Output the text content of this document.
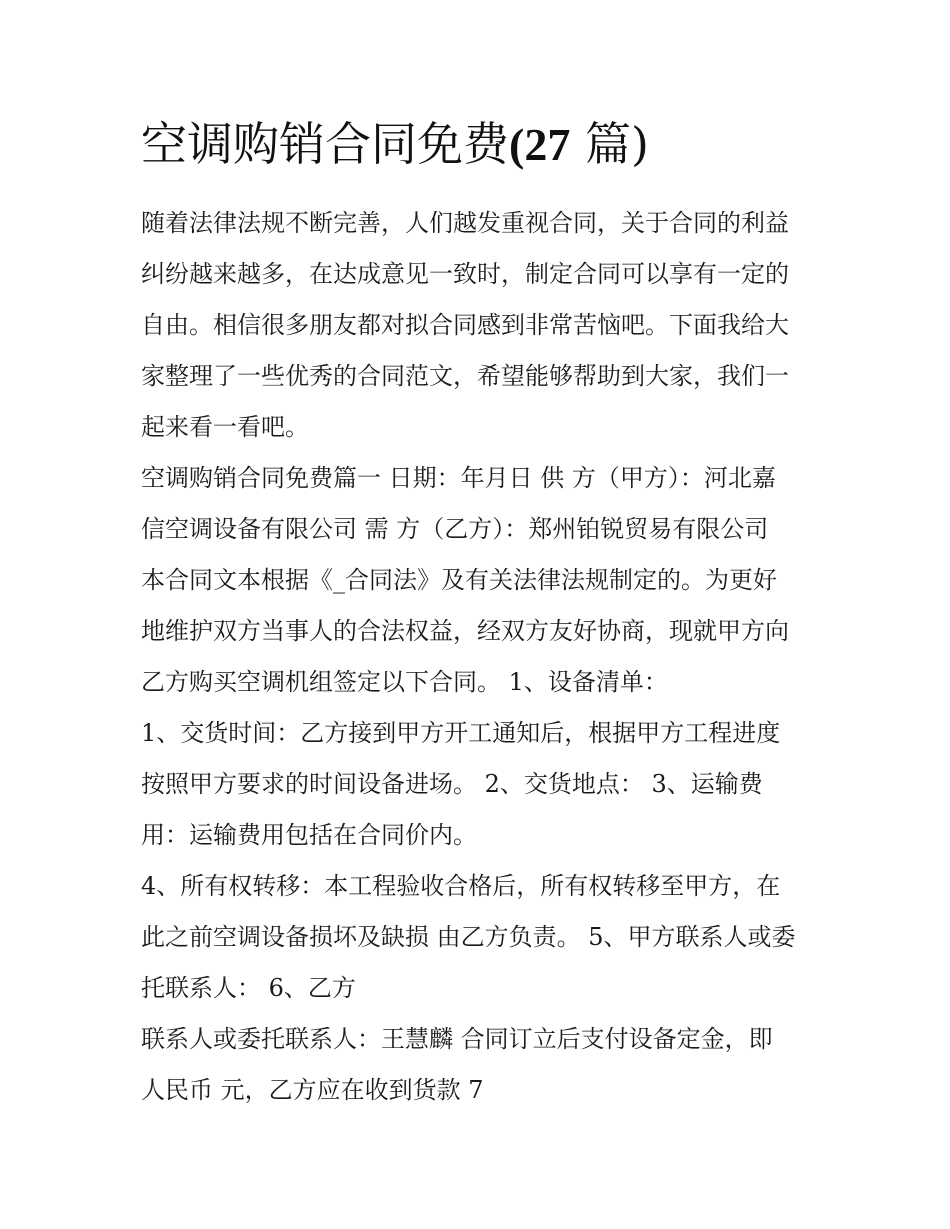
空调购销合同免费(27 篇)
随着法律法规不断完善，人们越发重视合同，关于合同的利益
纠纷越来越多，在达成意见一致时，制定合同可以享有一定的
自由。相信很多朋友都对拟合同感到非常苦恼吧。下面我给大
家整理了一些优秀的合同范文，希望能够帮助到大家，我们一
起来看一看吧。
空调购销合同免费篇一 日期：年月日 供 方（甲方）：河北嘉
信空调设备有限公司 需 方（乙方）：郑州铂锐贸易有限公司
本合同文本根据《_合同法》及有关法律法规制定的。为更好
地维护双方当事人的合法权益，经双方友好协商，现就甲方向
乙方购买空调机组签定以下合同。 1、设备清单：
1、交货时间：乙方接到甲方开工通知后，根据甲方工程进度
按照甲方要求的时间设备进场。 2、交货地点： 3、运输费
用：运输费用包括在合同价内。
4、所有权转移：本工程验收合格后，所有权转移至甲方，在
此之前空调设备损坏及缺损 由乙方负责。 5、甲方联系人或委
托联系人： 6、乙方
联系人或委托联系人：王慧麟 合同订立后支付设备定金，即
人民币 元，乙方应在收到货款 7
